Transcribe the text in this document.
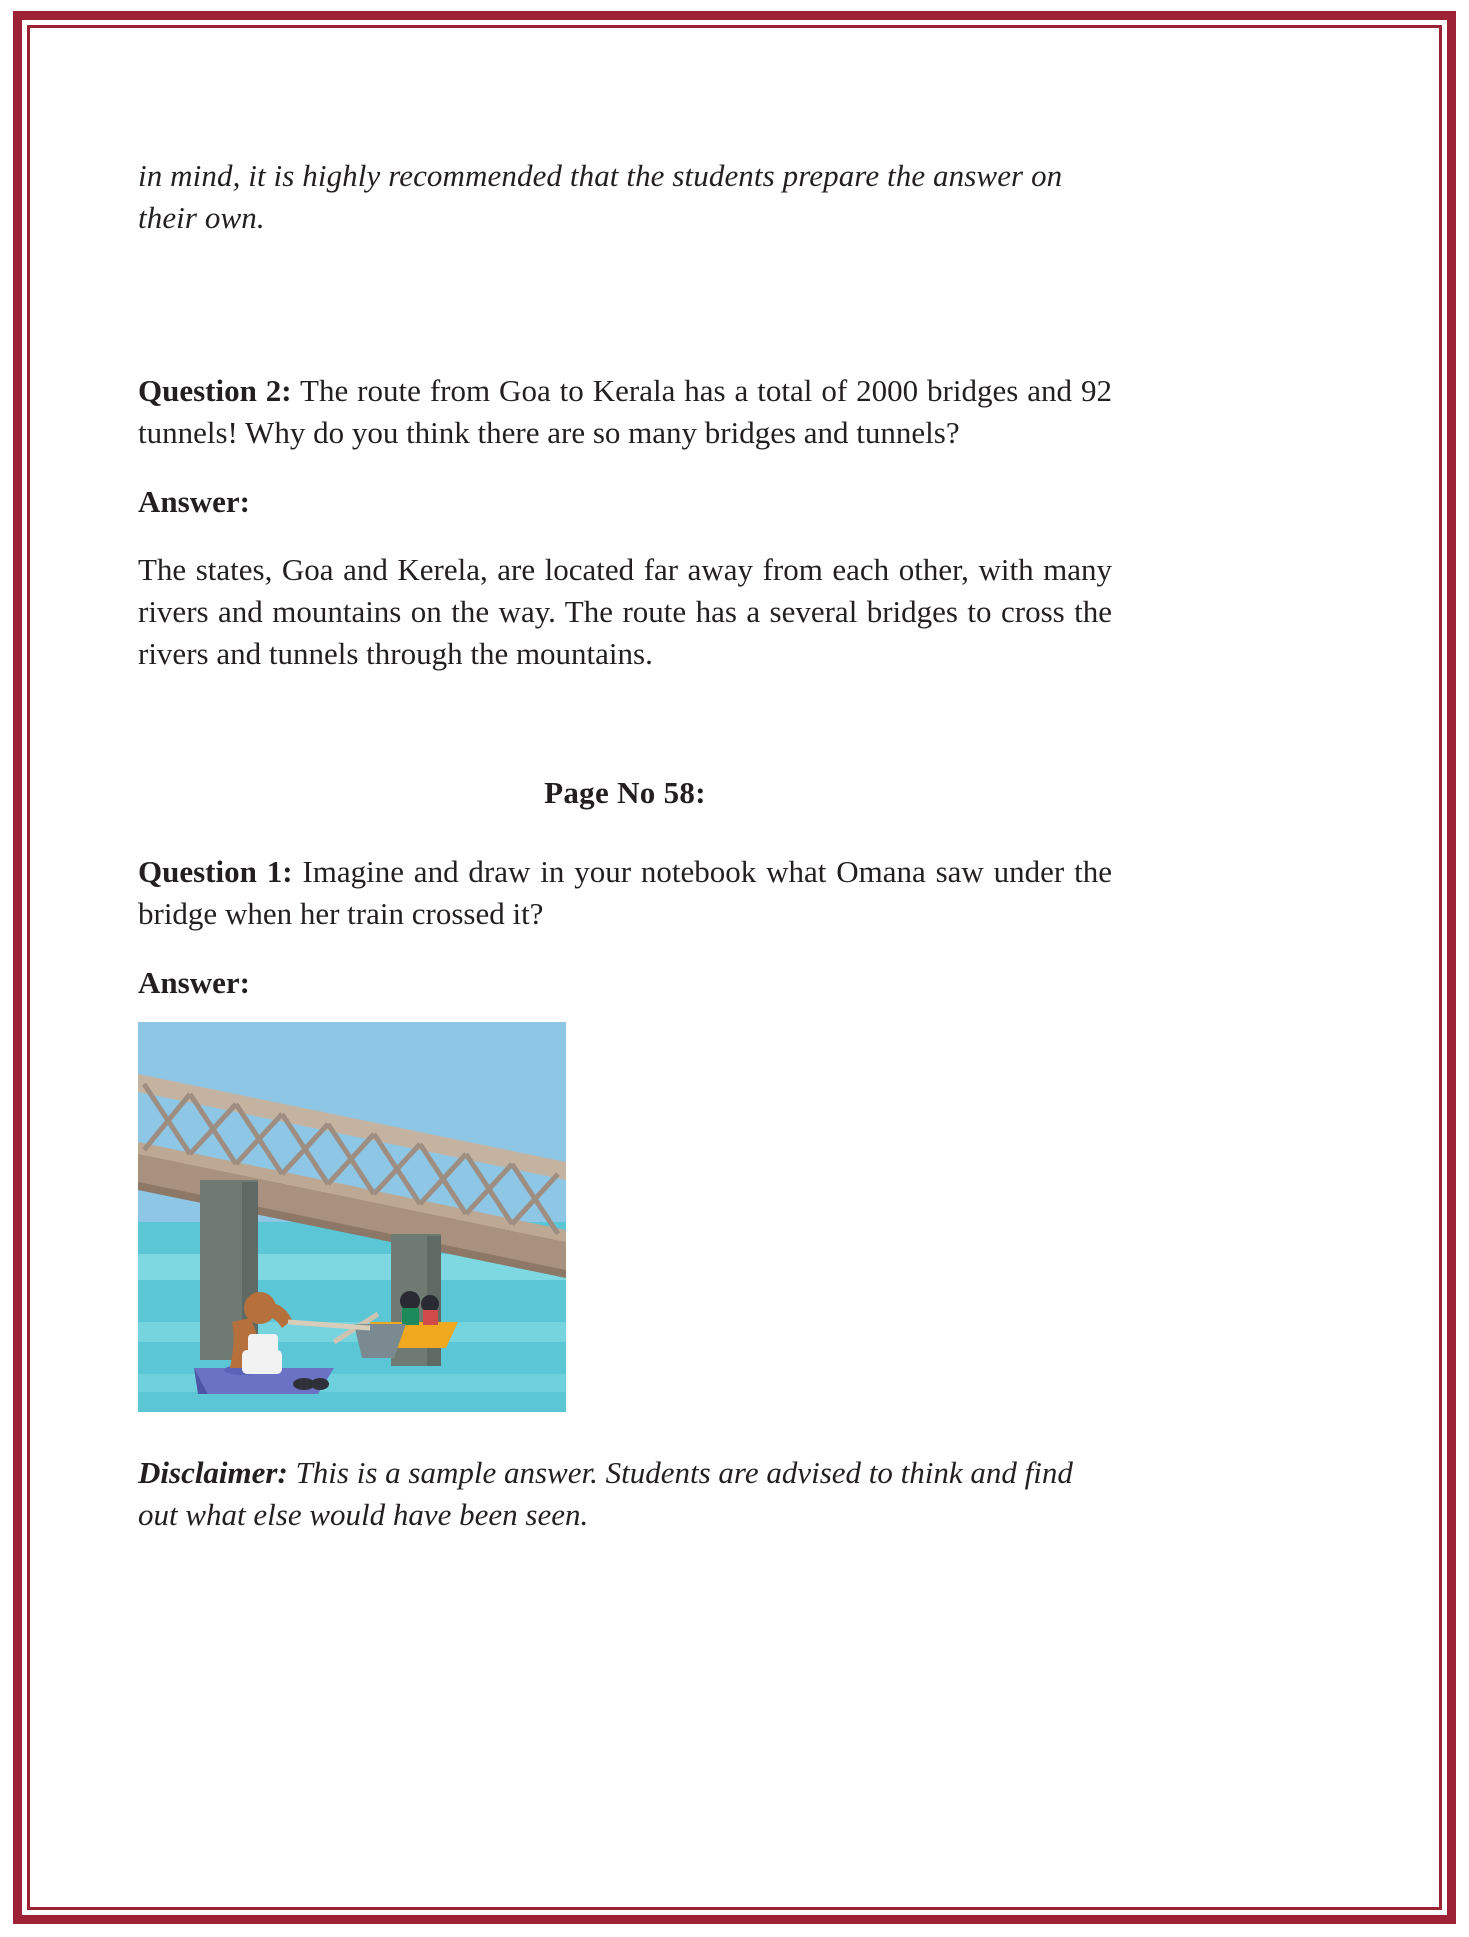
in mind, it is highly recommended that the students prepare the answer on their own.

Question 2: The route from Goa to Kerala has a total of 2000 bridges and 92 tunnels! Why do you think there are so many bridges and tunnels?

Answer:

The states, Goa and Kerela, are located far away from each other, with many rivers and mountains on the way. The route has a several bridges to cross the rivers and tunnels through the mountains.

Page No 58:

Question 1: Imagine and draw in your notebook what Omana saw under the bridge when her train crossed it?

Answer:

Disclaimer: This is a sample answer. Students are advised to think and find out what else would have been seen.
